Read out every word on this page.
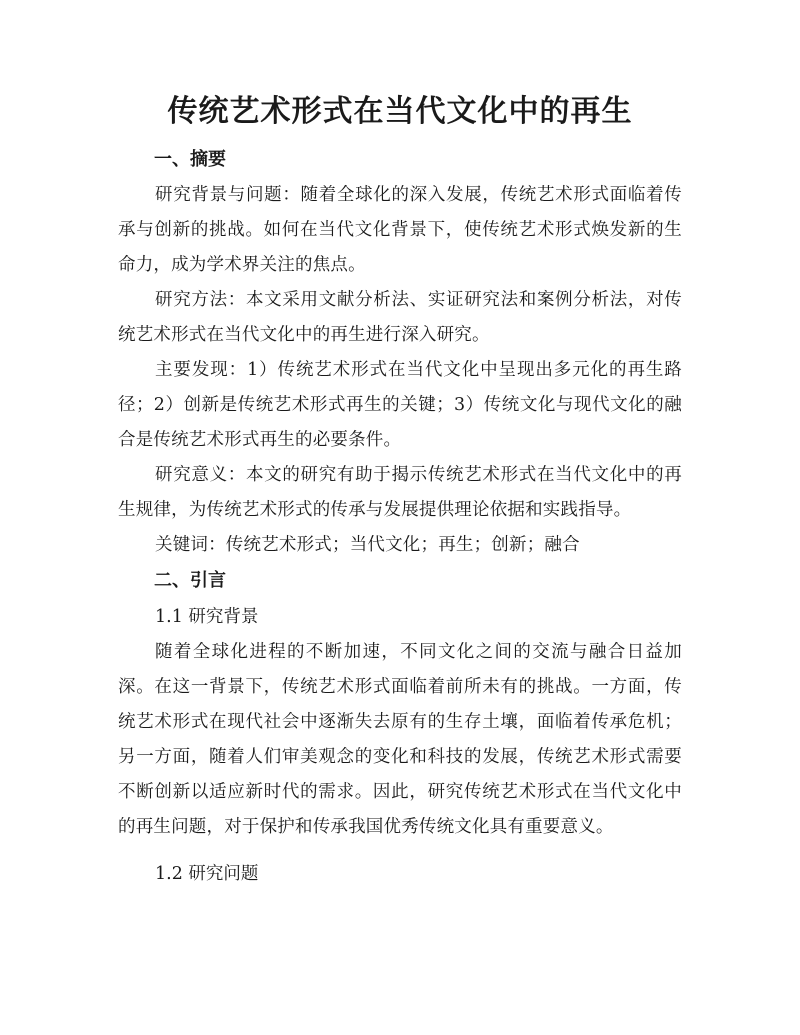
传统艺术形式在当代文化中的再生
一、摘要

研究背景与问题：随着全球化的深入发展，传统艺术形式面临着传承与创新的挑战。如何在当代文化背景下，使传统艺术形式焕发新的生命力，成为学术界关注的焦点。

研究方法：本文采用文献分析法、实证研究法和案例分析法，对传统艺术形式在当代文化中的再生进行深入研究。

主要发现：1）传统艺术形式在当代文化中呈现出多元化的再生路径；2）创新是传统艺术形式再生的关键；3）传统文化与现代文化的融合是传统艺术形式再生的必要条件。

研究意义：本文的研究有助于揭示传统艺术形式在当代文化中的再生规律，为传统艺术形式的传承与发展提供理论依据和实践指导。

关键词：传统艺术形式；当代文化；再生；创新；融合

二、引言

1.1 研究背景

随着全球化进程的不断加速，不同文化之间的交流与融合日益加深。在这一背景下，传统艺术形式面临着前所未有的挑战。一方面，传统艺术形式在现代社会中逐渐失去原有的生存土壤，面临着传承危机；另一方面，随着人们审美观念的变化和科技的发展，传统艺术形式需要不断创新以适应新时代的需求。因此，研究传统艺术形式在当代文化中的再生问题，对于保护和传承我国优秀传统文化具有重要意义。

1.2 研究问题
